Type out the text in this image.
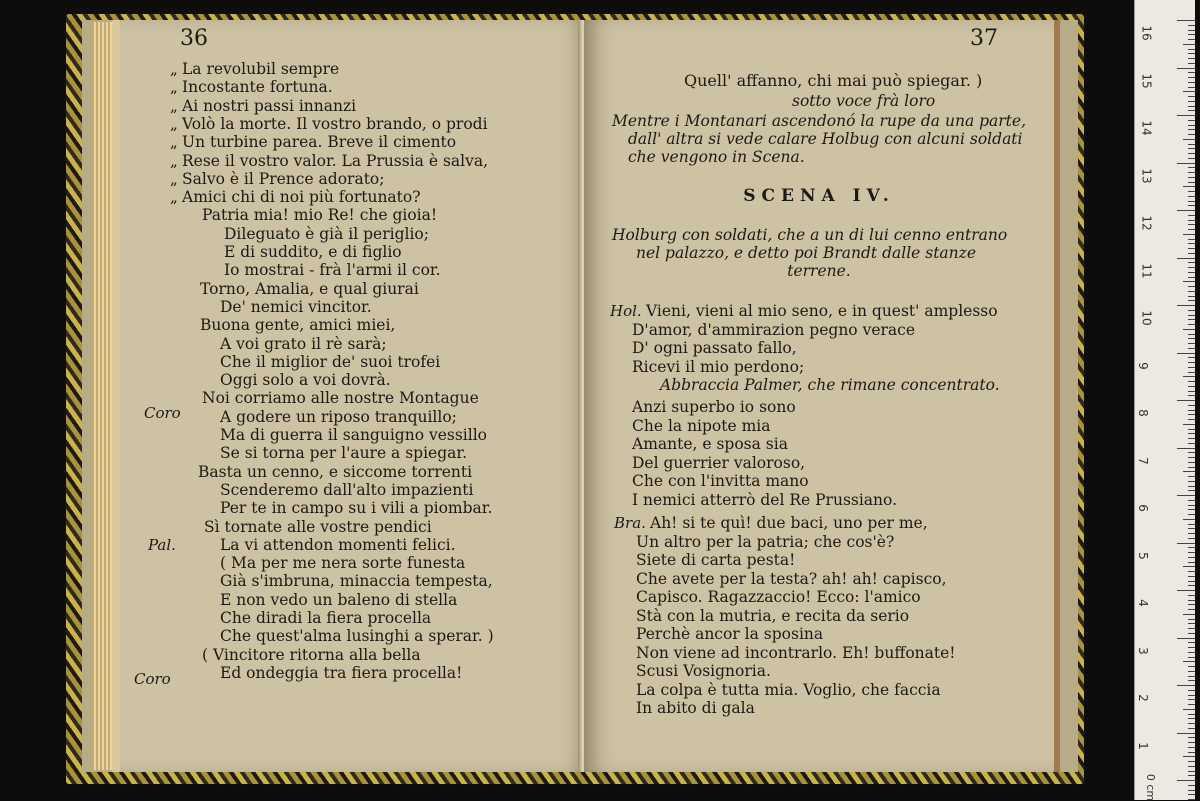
36
„ La revolubil sempre
„ Incostante fortuna.
„ Ai nostri passi innanzi
„ Volò la morte. Il vostro brando, o prodi
„ Un turbine parea. Breve il cimento
„ Rese il vostro valor. La Prussia è salva,
„ Salvo è il Prence adorato;
„ Amici chi di noi più fortunato?
Patria mia! mio Re! che gioia!
Dileguato è già il periglio;
E di suddito, e di figlio
Io mostrai - frà l'armi il cor.
Torno, Amalia, e qual giurai
De' nemici vincitor.
Buona gente, amici miei,
A voi grato il rè sarà;
Che il miglior de' suoi trofei
Oggi solo a voi dovrà.
Noi corriamo alle nostre Montague
A godere un riposo tranquillo;
Ma di guerra il sanguigno vessillo
Se si torna per l'aure a spiegar.
Basta un cenno, e siccome torrenti
Scenderemo dall'alto impazienti
Per te in campo su i vili a piombar.
Sì tornate alle vostre pendici
La vi attendon momenti felici.
( Ma per me nera sorte funesta
Già s'imbruna, minaccia tempesta,
E non vedo un baleno di stella
Che diradi la fiera procella
Che quest'alma lusinghi a sperar. )
( Vincitore ritorna alla bella
Ed ondeggia tra fiera procella!
Coro
Pal.
Coro
37
Quell' affanno, chi mai può spiegar. )
sotto voce frà loro
Mentre i Montanari ascendonó la rupe da una parte,
dall' altra si vede calare Holbug con alcuni soldati
che vengono in Scena.
SCENA IV.
Holburg con soldati, che a un di lui cenno entrano
nel palazzo, e detto poi Brandt dalle stanze
terrene.
Hol. Vieni, vieni al mio seno, e in quest' amplesso
D'amor, d'ammirazion pegno verace
D' ogni passato fallo,
Ricevi il mio perdono;
Abbraccia Palmer, che rimane concentrato.
Anzi superbo io sono
Che la nipote mia
Amante, e sposa sia
Del guerrier valoroso,
Che con l'invitta mano
I nemici atterrò del Re Prussiano.
Bra. Ah! si te quì! due baci, uno per me,
Un altro per la patria; che cos'è?
Siete di carta pesta!
Che avete per la testa? ah! ah! capisco,
Capisco. Ragazzaccio! Ecco: l'amico
Stà con la mutria, e recita da serio
Perchè ancor la sposina
Non viene ad incontrarlo. Eh! buffonate!
Scusi Vosignoria.
La colpa è tutta mia. Voglio, che faccia
In abito di gala
16
15
14
13
12
11
10
9
8
7
6
5
4
3
2
1
0 cm
